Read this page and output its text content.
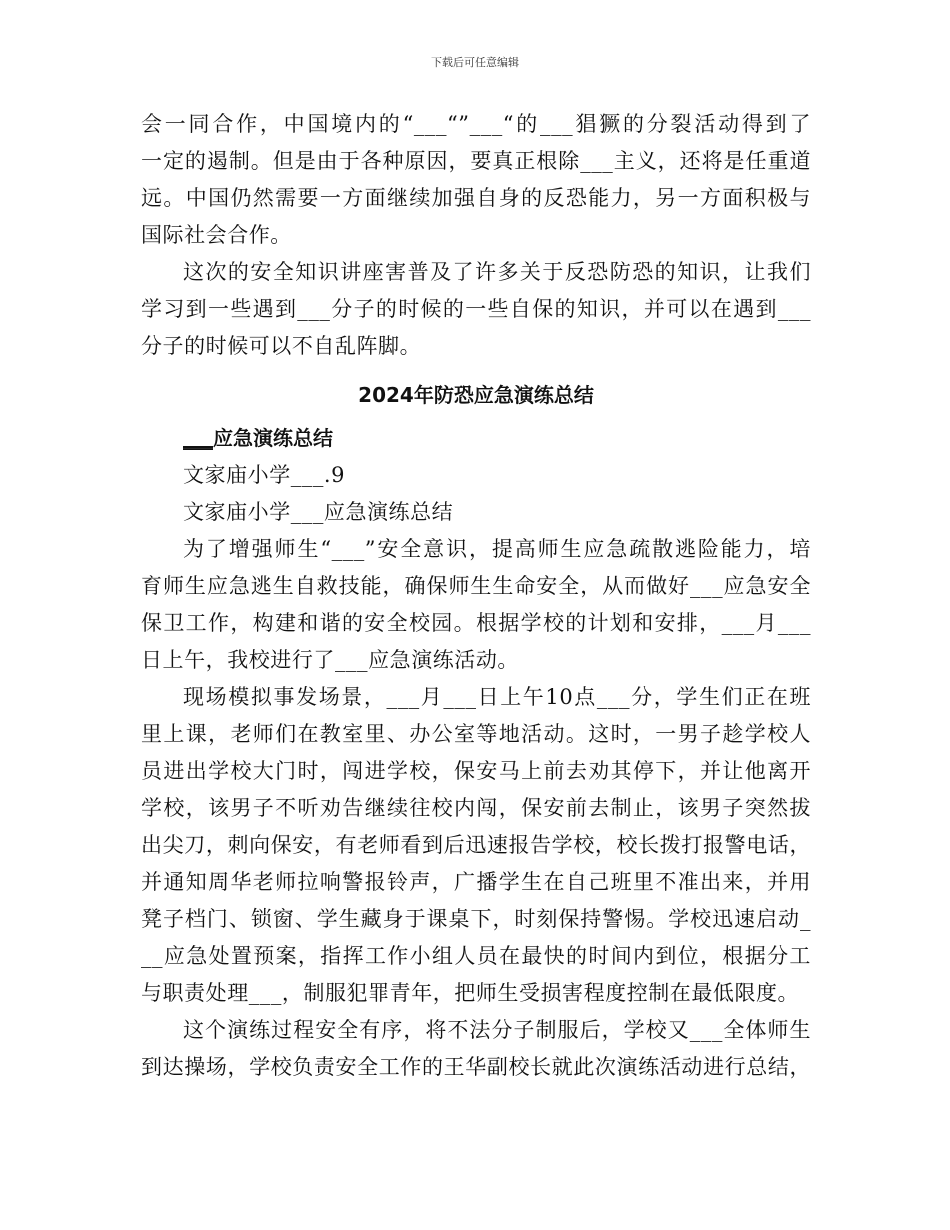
下载后可任意编辑
会一同合作，中国境内的“___“”___“的___猖獗的分裂活动得到了
一定的遏制。但是由于各种原因，要真正根除___主义，还将是任重道
远。中国仍然需要一方面继续加强自身的反恐能力，另一方面积极与
国际社会合作。
这次的安全知识讲座害普及了许多关于反恐防恐的知识，让我们
学习到一些遇到___分子的时候的一些自保的知识，并可以在遇到___
分子的时候可以不自乱阵脚。
2024年防恐应急演练总结
___应急演练总结
文家庙小学___.9
文家庙小学___应急演练总结
为了增强师生“___”安全意识，提高师生应急疏散逃险能力，培
育师生应急逃生自救技能，确保师生生命安全，从而做好___应急安全
保卫工作，构建和谐的安全校园。根据学校的计划和安排，___月___
日上午，我校进行了___应急演练活动。
现场模拟事发场景，___月___日上午10点___分，学生们正在班
里上课，老师们在教室里、办公室等地活动。这时，一男子趁学校人
员进出学校大门时，闯进学校，保安马上前去劝其停下，并让他离开
学校，该男子不听劝告继续往校内闯，保安前去制止，该男子突然拔
出尖刀，刺向保安，有老师看到后迅速报告学校，校长拨打报警电话，
并通知周华老师拉响警报铃声，广播学生在自己班里不准出来，并用
凳子档门、锁窗、学生藏身于课桌下，时刻保持警惕。学校迅速启动_
__应急处置预案，指挥工作小组人员在最快的时间内到位，根据分工
与职责处理___，制服犯罪青年，把师生受损害程度控制在最低限度。
这个演练过程安全有序，将不法分子制服后，学校又___全体师生
到达操场，学校负责安全工作的王华副校长就此次演练活动进行总结，
